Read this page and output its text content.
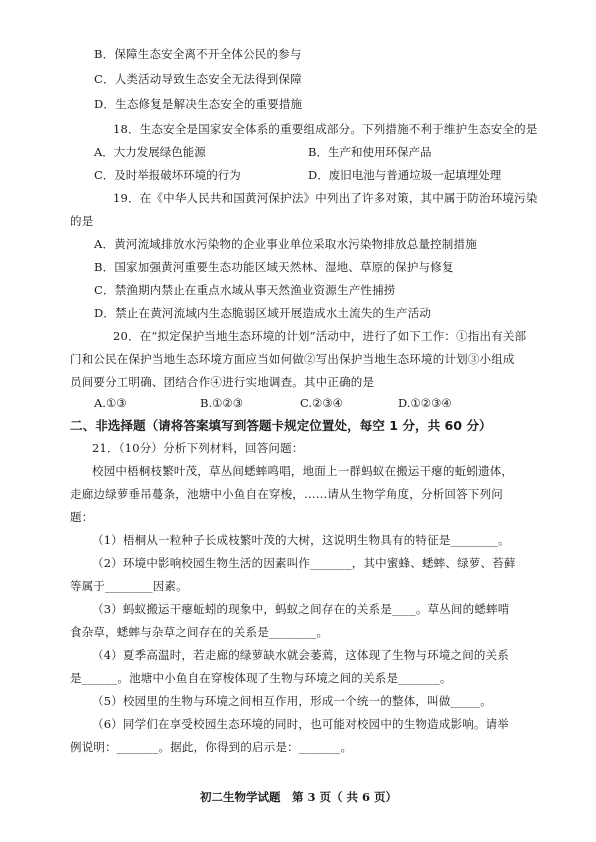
B．保障生态安全离不开全体公民的参与
C．人类活动导致生态安全无法得到保障
D．生态修复是解决生态安全的重要措施
18．生态安全是国家安全体系的重要组成部分。下列措施不利于维护生态安全的是
A．大力发展绿色能源	B．生产和使用环保产品
C．及时举报破坏环境的行为	D．废旧电池与普通垃圾一起填埋处理
19．在《中华人民共和国黄河保护法》中列出了许多对策，其中属于防治环境污染
的是
A．黄河流域排放水污染物的企业事业单位采取水污染物排放总量控制措施
B．国家加强黄河重要生态功能区域天然林、湿地、草原的保护与修复
C．禁渔期内禁止在重点水域从事天然渔业资源生产性捕捞
D．禁止在黄河流域内生态脆弱区域开展造成水土流失的生产活动
20．在“拟定保护当地生态环境的计划”活动中，进行了如下工作：①指出有关部
门和公民在保护当地生态环境方面应当如何做②写出保护当地生态环境的计划③小组成
员间要分工明确、团结合作④进行实地调查。其中正确的是
A.①③	B.①②③	C.②③④	D.①②③④
二、非选择题（请将答案填写到答题卡规定位置处，每空 1 分，共 60 分）
21．（10分）分析下列材料，回答问题：
校园中梧桐枝繁叶茂，草丛间蟋蟀鸣唱，地面上一群蚂蚁在搬运干瘪的蚯蚓遗体，
走廊边绿萝垂吊蔓条，池塘中小鱼自在穿梭，……请从生物学角度，分析回答下列问
题：
（1）梧桐从一粒种子长成枝繁叶茂的大树，这说明生物具有的特征是________。
（2）环境中影响校园生物生活的因素叫作_______，其中蜜蜂、蟋蟀、绿萝、苔藓
等属于________因素。
（3）蚂蚁搬运干瘪蚯蚓的现象中，蚂蚁之间存在的关系是____。草丛间的蟋蟀啃
食杂草，蟋蟀与杂草之间存在的关系是________。
（4）夏季高温时，若走廊的绿萝缺水就会萎蔫，这体现了生物与环境之间的关系
是______。池塘中小鱼自在穿梭体现了生物与环境之间的关系是_______。
（5）校园里的生物与环境之间相互作用，形成一个统一的整体，叫做_____。
（6）同学们在享受校园生态环境的同时，也可能对校园中的生物造成影响。请举
例说明：_______。据此，你得到的启示是：_______。
初二生物学试题　第 3 页（ 共 6 页）
